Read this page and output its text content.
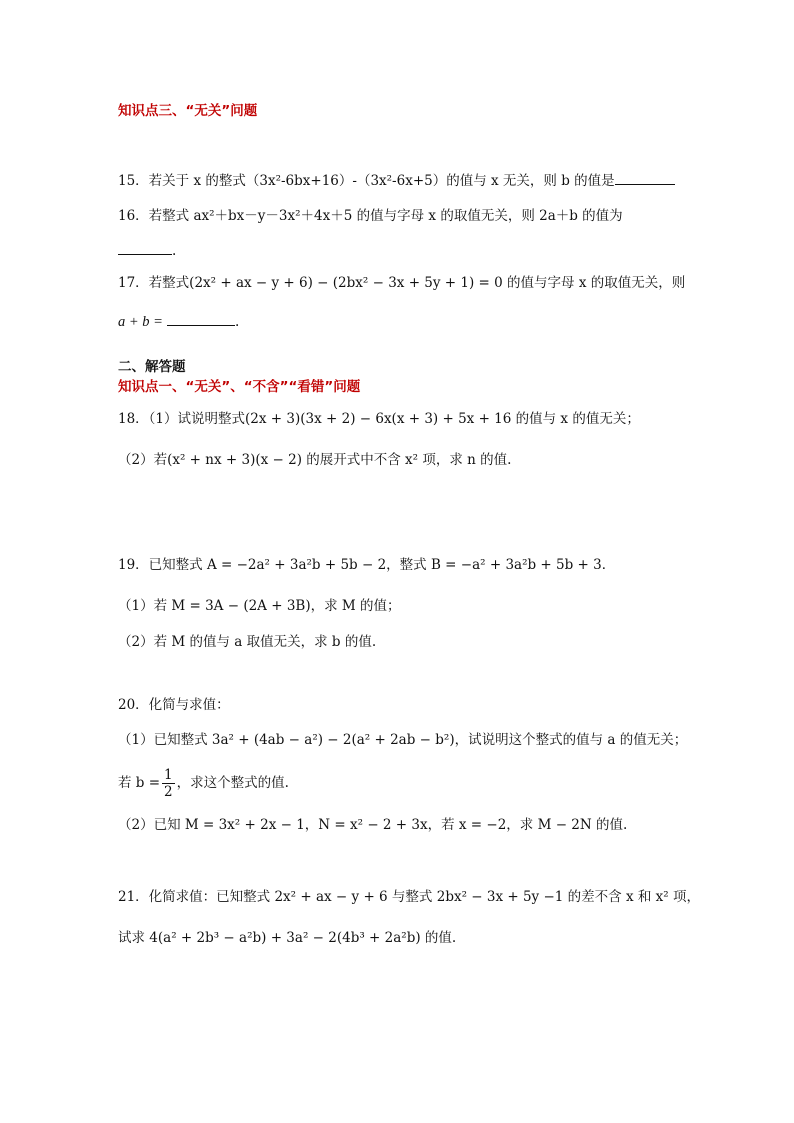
知识点三、“无关”问题
15．若关于 x 的整式（3x²-6bx+16）-（3x²-6x+5）的值与 x 无关，则 b 的值是
16．若整式 ax²＋bx－y－3x²＋4x＋5 的值与字母 x 的取值无关，则 2a＋b 的值为
.
17．若整式(2x² + ax − y + 6) − (2bx² − 3x + 5y + 1) = 0 的值与字母 x 的取值无关，则
a + b =	.
二、解答题
知识点一、“无关”、“不含”“看错”问题
18．（1）试说明整式(2x + 3)(3x + 2) − 6x(x + 3) + 5x + 16 的值与 x 的值无关；
（2）若(x² + nx + 3)(x − 2) 的展开式中不含 x² 项，求 n 的值.
19．已知整式 A = −2a² + 3a²b + 5b − 2，整式 B = −a² + 3a²b + 5b + 3．
（1）若 M = 3A − (2A + 3B)，求 M 的值；
（2）若 M 的值与 a 取值无关，求 b 的值.
20．化简与求值：
（1）已知整式 3a² + (4ab − a²) − 2(a² + 2ab − b²)，试说明这个整式的值与 a 的值无关；
若 $b = \frac{1}{2}$ ，求这个整式的值.
（2）已知 M = 3x² + 2x − 1，N = x² − 2 + 3x，若 x = −2，求 M − 2N 的值.
21．化简求值：已知整式 2x² + ax − y + 6 与整式 2bx² − 3x + 5y −1 的差不含 x 和 x² 项，
试求 4(a² + 2b³ − a²b) + 3a² − 2(4b³ + 2a²b) 的值.
